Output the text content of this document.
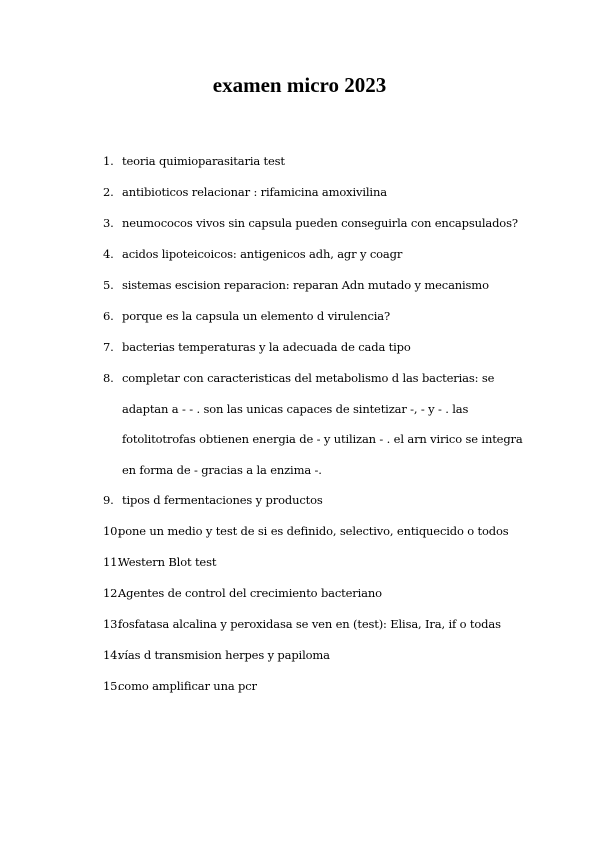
examen micro 2023
1. teoria quimioparasitaria test
2. antibioticos relacionar : rifamicina amoxivilina
3. neumococos vivos sin capsula pueden conseguirla con encapsulados?
4. acidos lipoteicoicos: antigenicos adh, agr y coagr
5. sistemas escision reparacion: reparan Adn mutado y mecanismo
6. porque es la capsula un elemento d virulencia?
7. bacterias temperaturas y la adecuada de cada tipo
8. completar con caracteristicas del metabolismo d las bacterias: se
adaptan a - - . son las unicas capaces de sintetizar -, - y - . las
fotolitotrofas obtienen energia de - y utilizan - . el arn virico se integra
en forma de - gracias a la enzima -.
9. tipos d fermentaciones y productos
10.
pone un medio y test de si es definido, selectivo, entiquecido o todos
11.
Western Blot test
12.
Agentes de control del crecimiento bacteriano
13.
fosfatasa alcalina y peroxidasa se ven en (test): Elisa, Ira, if o todas
14.
vías d transmision herpes y papiloma
15.
como amplificar una pcr
